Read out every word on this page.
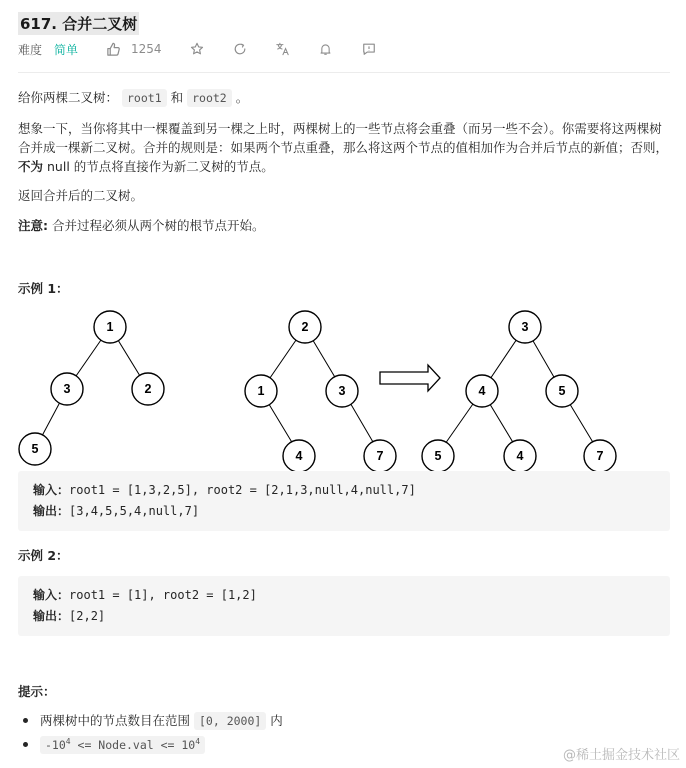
617. 合并二叉树
难度 简单	1254
给你两棵二叉树： root1 和 root2 。
想象一下，当你将其中一棵覆盖到另一棵之上时，两棵树上的一些节点将会重叠（而另一些不会）。你需要将这两棵树合并成一棵新二叉树。合并的规则是：如果两个节点重叠，那么将这两个节点的值相加作为合并后节点的新值；否则，不为 null 的节点将直接作为新二叉树的节点。
返回合并后的二叉树。
注意: 合并过程必须从两个树的根节点开始。
示例 1：
1
3	2
5
2
1	3
4	7
3
4	5
5	4	7
输入：root1 = [1,3,2,5], root2 = [2,1,3,null,4,null,7]
输出：[3,4,5,5,4,null,7]
示例 2：
输入：root1 = [1], root2 = [1,2]
输出：[2,2]
提示：
两棵树中的节点数目在范围 [0, 2000] 内
$-10^4$ <= Node.val <= $10^4$
@稀土掘金技术社区
